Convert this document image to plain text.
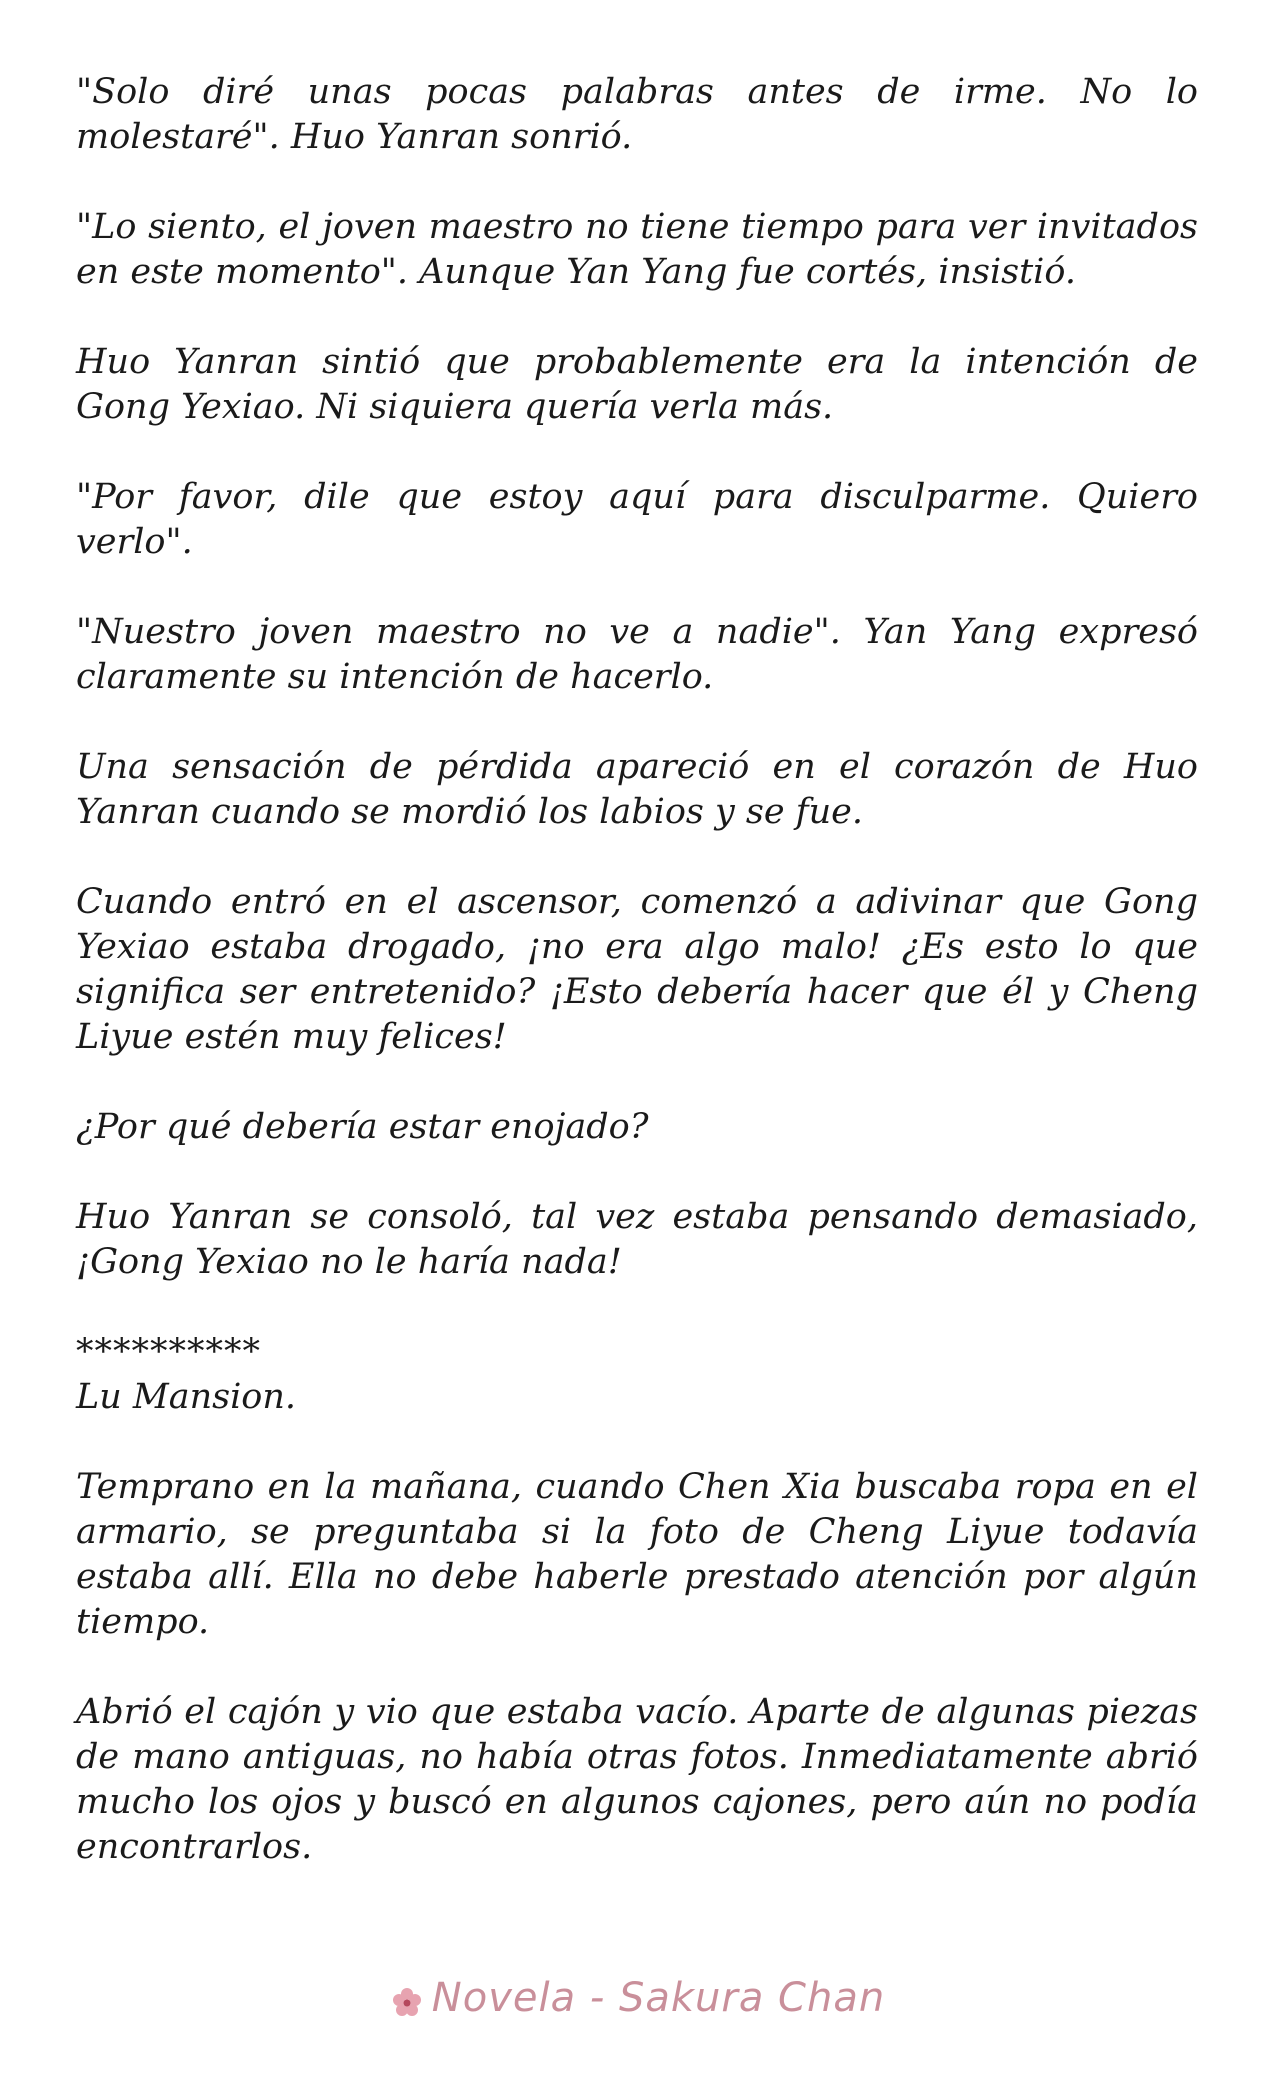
"Solo diré unas pocas palabras antes de irme. No lo molestaré". Huo Yanran sonrió.

"Lo siento, el joven maestro no tiene tiempo para ver invitados en este momento". Aunque Yan Yang fue cortés, insistió.

Huo Yanran sintió que probablemente era la intención de Gong Yexiao. Ni siquiera quería verla más.

"Por favor, dile que estoy aquí para disculparme. Quiero verlo".

"Nuestro joven maestro no ve a nadie". Yan Yang expresó claramente su intención de hacerlo.

Una sensación de pérdida apareció en el corazón de Huo Yanran cuando se mordió los labios y se fue.

Cuando entró en el ascensor, comenzó a adivinar que Gong Yexiao estaba drogado, ¡no era algo malo! ¿Es esto lo que significa ser entretenido? ¡Esto debería hacer que él y Cheng Liyue estén muy felices!

¿Por qué debería estar enojado?

Huo Yanran se consoló, tal vez estaba pensando demasiado, ¡Gong Yexiao no le haría nada!

**********

Lu Mansion.

Temprano en la mañana, cuando Chen Xia buscaba ropa en el armario, se preguntaba si la foto de Cheng Liyue todavía estaba allí. Ella no debe haberle prestado atención por algún tiempo.

Abrió el cajón y vio que estaba vacío. Aparte de algunas piezas de mano antiguas, no había otras fotos. Inmediatamente abrió mucho los ojos y buscó en algunos cajones, pero aún no podía encontrarlos.

Novela - Sakura Chan
